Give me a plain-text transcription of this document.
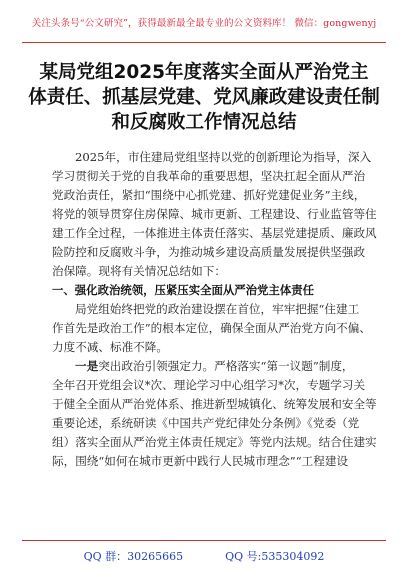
关注头条号“公文研究”，获得最新最全最专业的公文资料库！ 微信：gongwenyj
某局党组2025年度落实全面从严治党主
体责任、抓基层党建、党风廉政建设责任制
和反腐败工作情况总结
2025年，市住建局党组坚持以党的创新理论为指导，深入
学习贯彻关于党的自我革命的重要思想，坚决扛起全面从严治
党政治责任，紧扣“围绕中心抓党建、抓好党建促业务”主线，
将党的领导贯穿住房保障、城市更新、工程建设、行业监管等住
建工作全过程，一体推进主体责任落实、基层党建提质、廉政风
险防控和反腐败斗争，为推动城乡建设高质量发展提供坚强政
治保障。现将有关情况总结如下：
一、强化政治统领，压紧压实全面从严治党主体责任
局党组始终把党的政治建设摆在首位，牢牢把握“住建工
作首先是政治工作”的根本定位，确保全面从严治党方向不偏、
力度不减、标准不降。
一是突出政治引领强定力。严格落实“第一议题”制度，
全年召开党组会议*次、理论学习中心组学习*次，专题学习关
于健全全面从严治党体系、推进新型城镇化、统筹发展和安全等
重要论述，系统研读《中国共产党纪律处分条例》《党委（党
组）落实全面从严治党主体责任规定》等党内法规。结合住建实
际，围绕“如何在城市更新中践行人民城市理念”“工程建设
QQ 群：30265665	QQ 号:535304092
